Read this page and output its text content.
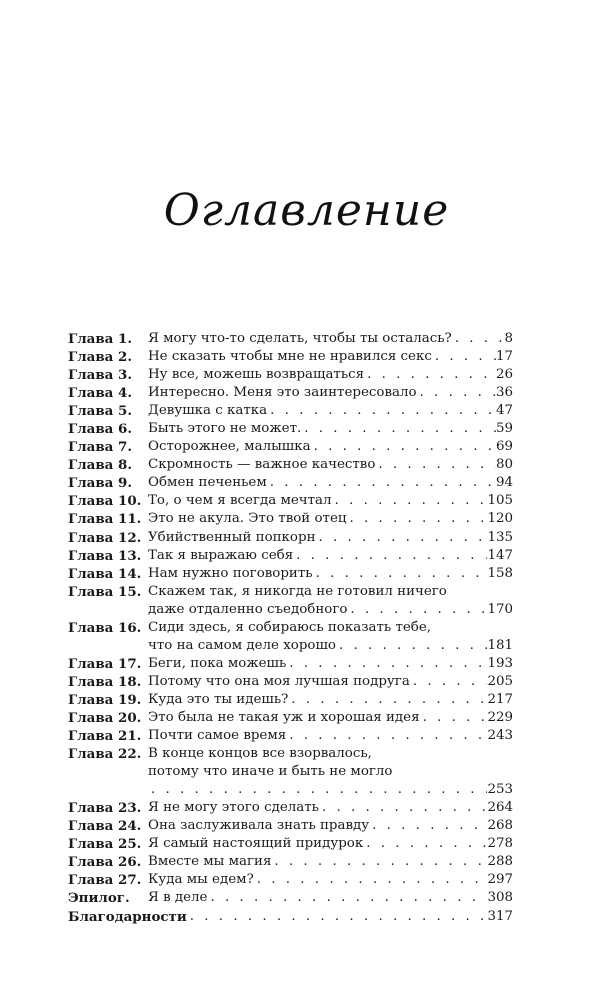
Оглавление
Глава 1.	Я могу что-то сделать, чтобы ты осталась? . . .	8
Глава 2.	Не сказать чтобы мне не нравился секс . . .	17
Глава 3.	Ну все, можешь возвращаться . . .	26
Глава 4.	Интересно. Меня это заинтересовало . . .	36
Глава 5.	Девушка с катка . . .	47
Глава 6.	Быть этого не может. . . .	59
Глава 7.	Осторожнее, малышка . . .	69
Глава 8.	Скромность — важное качество . . .	80
Глава 9.	Обмен печеньем . . .	94
Глава 10. То, о чем я всегда мечтал . . .	105
Глава 11. Это не акула. Это твой отец . . .	120
Глава 12. Убийственный попкорн . . .	135
Глава 13. Так я выражаю себя . . .	147
Глава 14. Нам нужно поговорить . . .	158
Глава 15. Скажем так, я никогда не готовил ничего
даже отдаленно съедобного . . .	170
Глава 16. Сиди здесь, я собираюсь показать тебе,
что на самом деле хорошо . . .	181
Глава 17. Беги, пока можешь . . .	193
Глава 18. Потому что она моя лучшая подруга . . .	205
Глава 19. Куда это ты идешь? . . .	217
Глава 20. Это была не такая уж и хорошая идея . . .	229
Глава 21. Почти самое время . . .	243
Глава 22. В конце концов все взорвалось,
потому что иначе и быть не могло
. . .
253
Глава 23. Я не могу этого сделать . . .	264
Глава 24. Она заслуживала знать правду . . .	268
Глава 25. Я самый настоящий придурок . . .	278
Глава 26. Вместе мы магия . . .	288
Глава 27. Куда мы едем? . . .	297
Эпилог.	Я в деле . . .	308
Благодарности . . .	317
